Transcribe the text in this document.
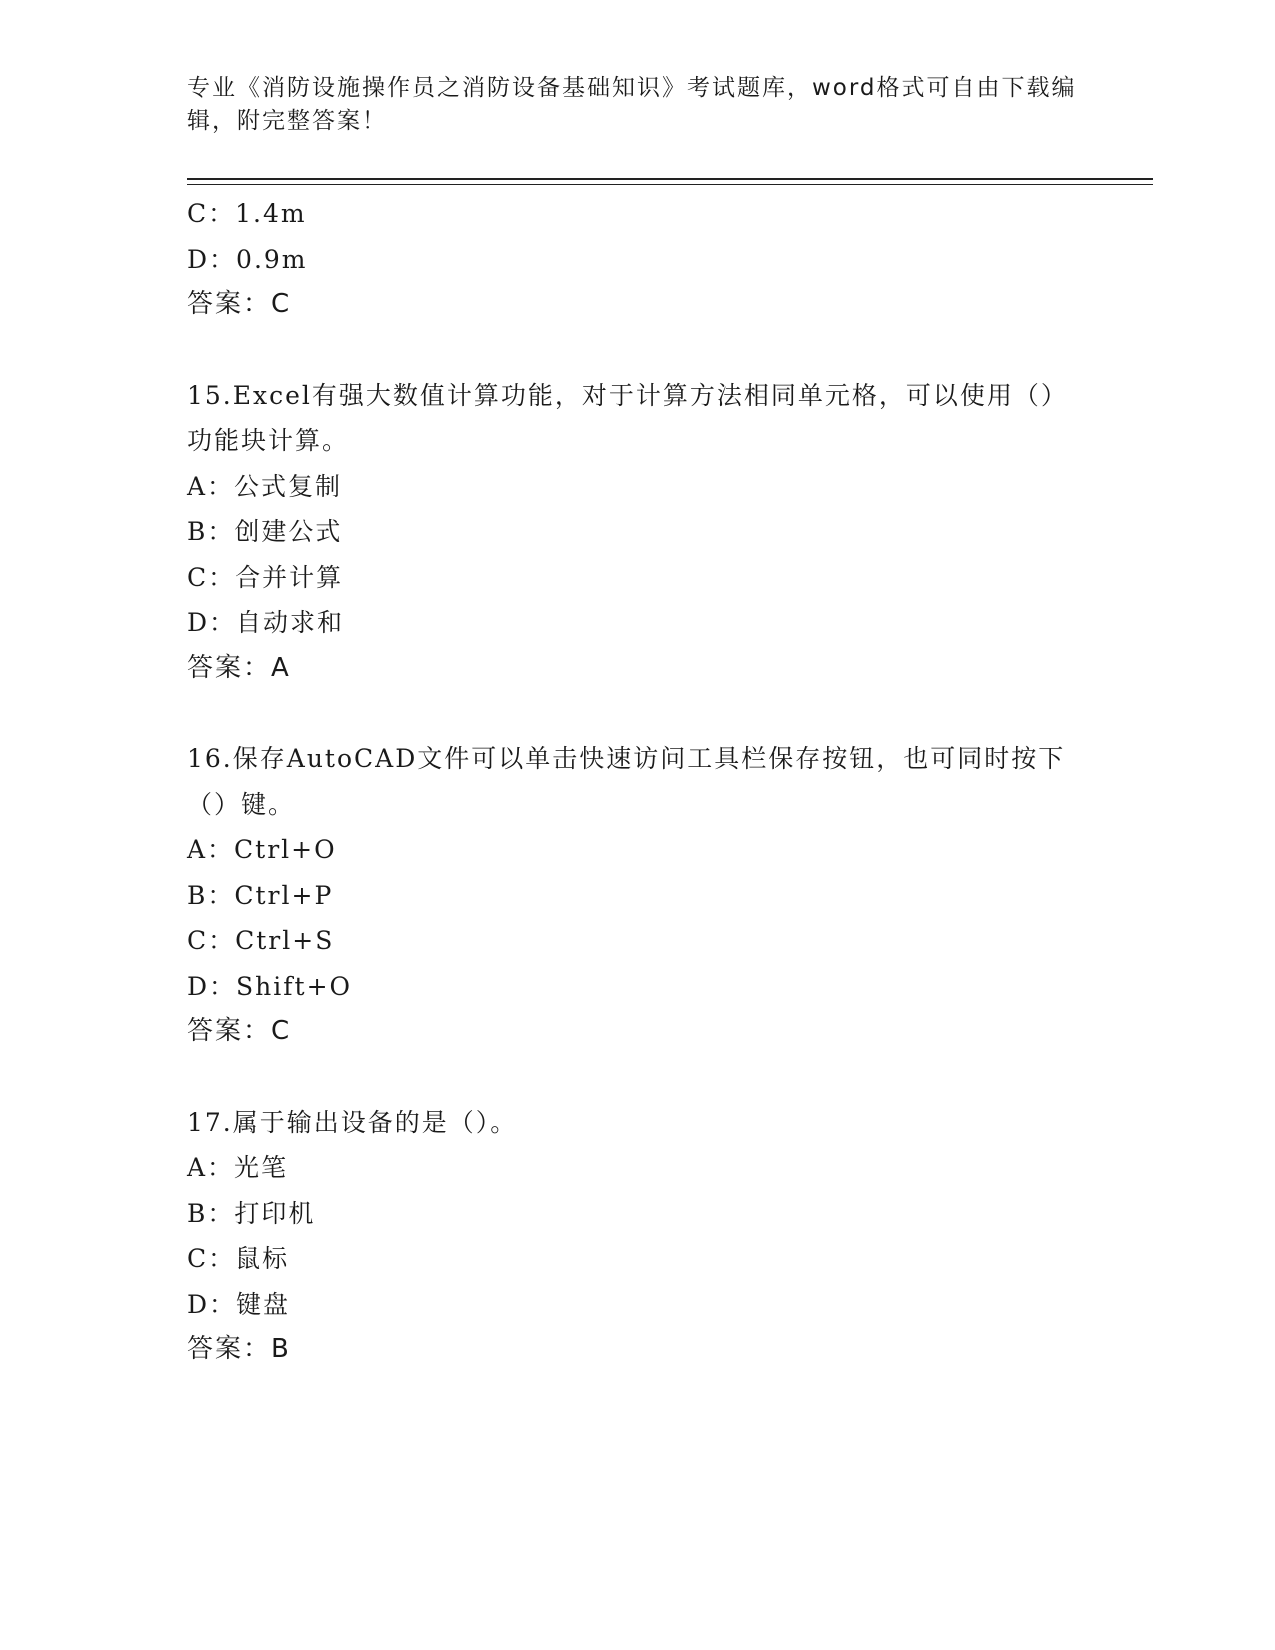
专业《消防设施操作员之消防设备基础知识》考试题库，word格式可自由下载编辑，附完整答案！
C：1.4m
D：0.9m
答案：C
15.Excel有强大数值计算功能，对于计算方法相同单元格，可以使用（）功能块计算。
A：公式复制
B：创建公式
C：合并计算
D：自动求和
答案：A
16.保存AutoCAD文件可以单击快速访问工具栏保存按钮，也可同时按下（）键。
A：Ctrl+O
B：Ctrl+P
C：Ctrl+S
D：Shift+O
答案：C
17.属于输出设备的是（）。
A：光笔
B：打印机
C：鼠标
D：键盘
答案：B
